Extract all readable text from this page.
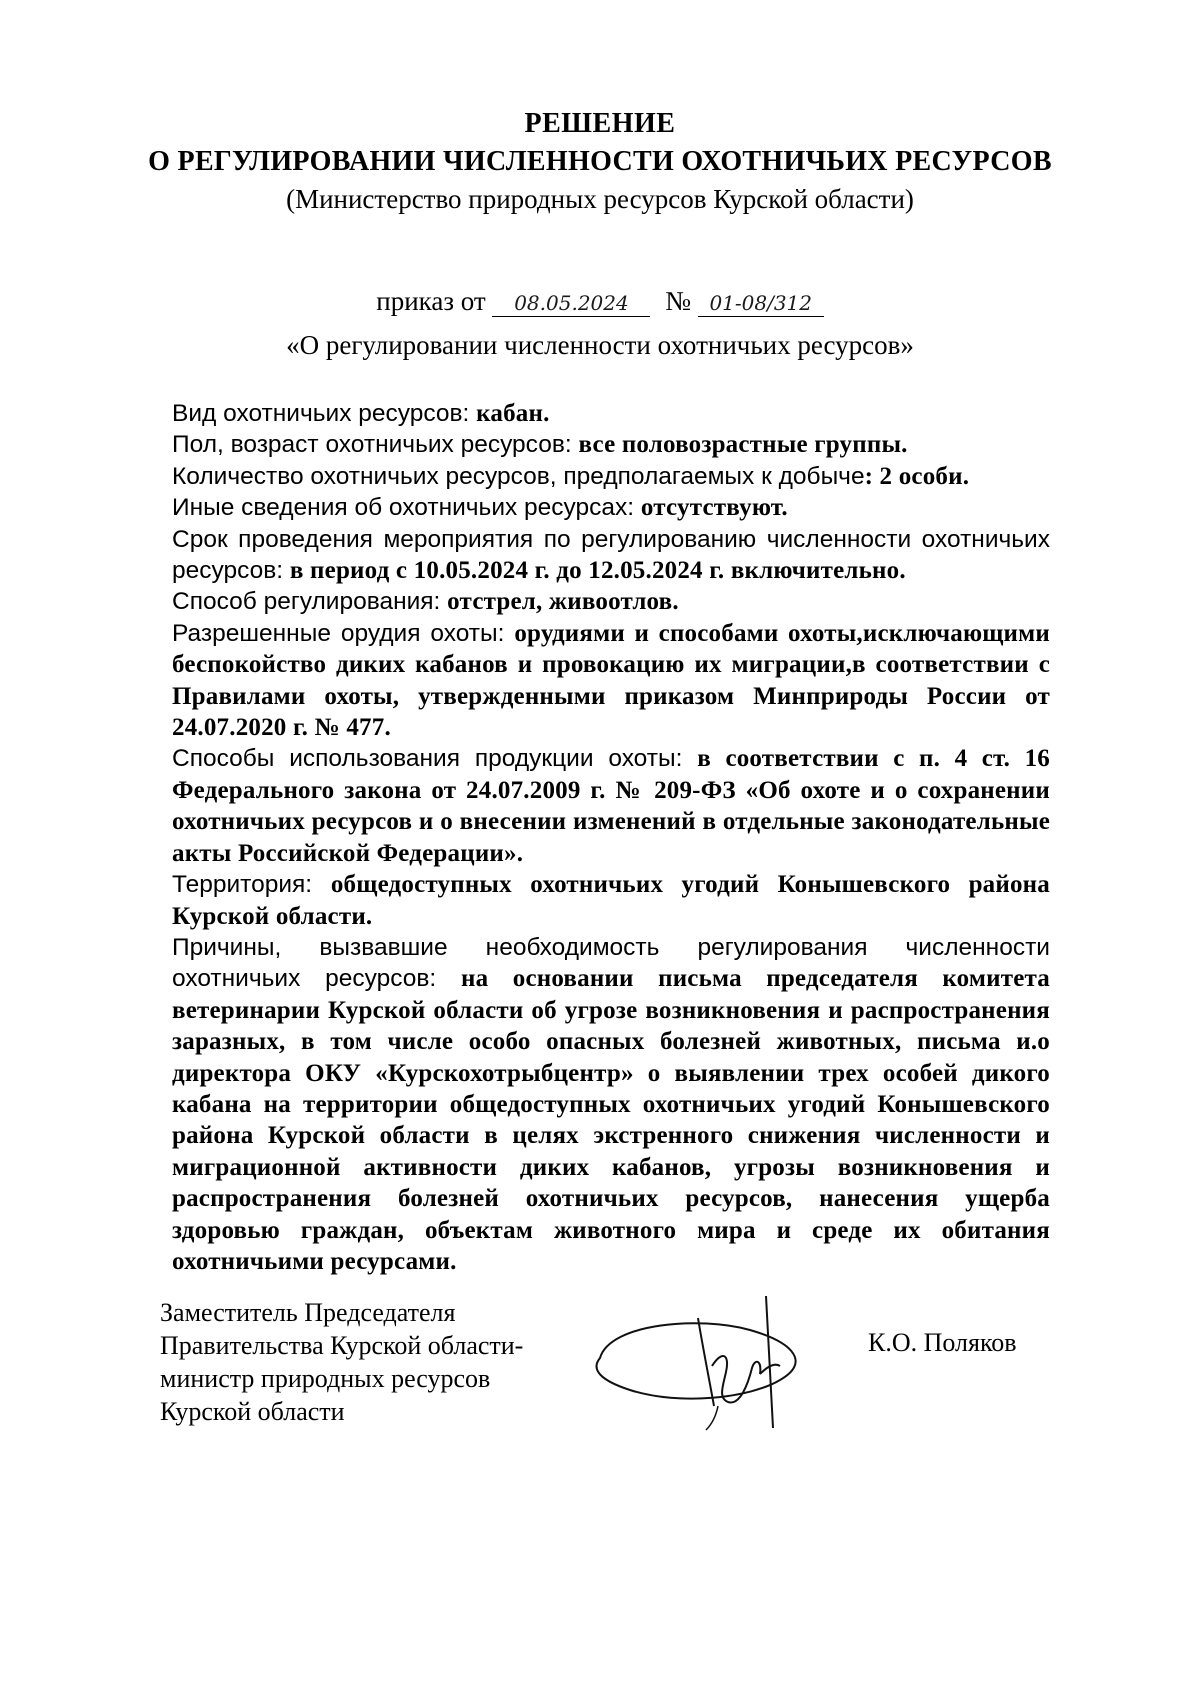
РЕШЕНИЕ
О РЕГУЛИРОВАНИИ ЧИСЛЕННОСТИ ОХОТНИЧЬИХ РЕСУРСОВ
(Министерство природных ресурсов Курской области)
приказ от 08.05.2024 № 01-08/312
«О регулировании численности охотничьих ресурсов»

Вид охотничьих ресурсов: кабан.

Пол, возраст охотничьих ресурсов: все половозрастные группы.

Количество охотничьих ресурсов, предполагаемых к добыче: 2 особи.

Иные сведения об охотничьих ресурсах: отсутствуют.

Срок проведения мероприятия по регулированию численности охотничьих ресурсов: в период с 10.05.2024 г. до 12.05.2024 г. включительно.

Способ регулирования: отстрел, живоотлов.

Разрешенные орудия охоты: орудиями и способами охоты,исключающими беспокойство диких кабанов и провокацию их миграции,в соответствии с Правилами охоты, утвержденными приказом Минприроды России от 24.07.2020 г. № 477.

Способы использования продукции охоты: в соответствии с п. 4 ст. 16 Федерального закона от 24.07.2009 г. № 209-ФЗ «Об охоте и о сохранении охотничьих ресурсов и о внесении изменений в отдельные законодательные акты Российской Федерации».

Территория: общедоступных охотничьих угодий Конышевского района Курской области.

Причины, вызвавшие необходимость регулирования численности охотничьих ресурсов: на основании письма председателя комитета ветеринарии Курской области об угрозе возникновения и распространения заразных, в том числе особо опасных болезней животных, письма и.о директора ОКУ «Курскохотрыбцентр» о выявлении трех особей дикого кабана на территории общедоступных охотничьих угодий Конышевского района Курской области в целях экстренного снижения численности и миграционной активности диких кабанов, угрозы возникновения и распространения болезней охотничьих ресурсов, нанесения ущерба здоровью граждан, объектам животного мира и среде их обитания охотничьими ресурсами.

Заместитель Председателя
Правительства Курской области-
министр природных ресурсов
Курской области
К.О. Поляков
